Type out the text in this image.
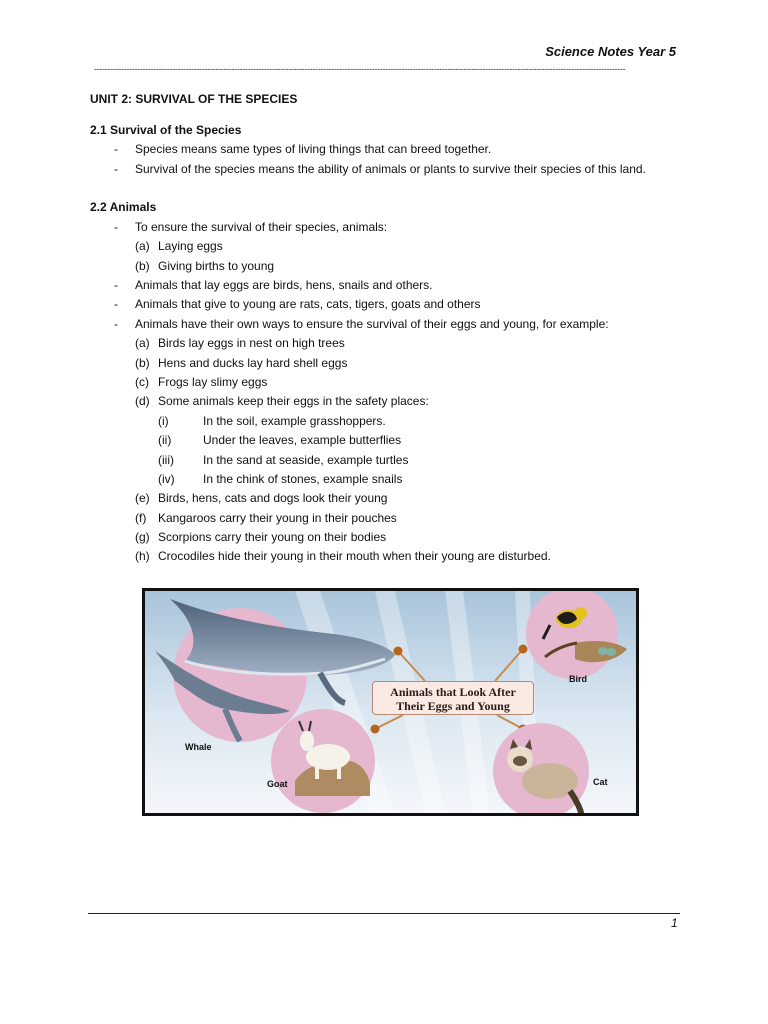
Science Notes Year 5
-----------------------------------------------------------------------------------------------------------------------------------------------------------------------------------------------------
UNIT 2: SURVIVAL OF THE SPECIES
2.1 Survival of the Species
- Species means same types of living things that can breed together.
- Survival of the species means the ability of animals or plants to survive their species of this land.
2.2 Animals
- To ensure the survival of their species, animals:
(a) Laying eggs
(b) Giving births to young
- Animals that lay eggs are birds, hens, snails and others.
- Animals that give to young are rats, cats, tigers, goats and others
- Animals have their own ways to ensure the survival of their eggs and young, for example:
(a) Birds lay eggs in nest on high trees
(b) Hens and ducks lay hard shell eggs
(c) Frogs lay slimy eggs
(d) Some animals keep their eggs in the safety places:
(i)	In the soil, example grasshoppers.
(ii)	Under the leaves, example butterflies
(iii) In the sand at seaside, example turtles
(iv) In the chink of stones, example snails
(e) Birds, hens, cats and dogs look their young
(f) Kangaroos carry their young in their pouches
(g) Scorpions carry their young on their bodies
(h) Crocodiles hide their young in their mouth when their young are disturbed.
Animals that Look After
Their Eggs and Young
Whale
Goat
Bird
Cat
1
